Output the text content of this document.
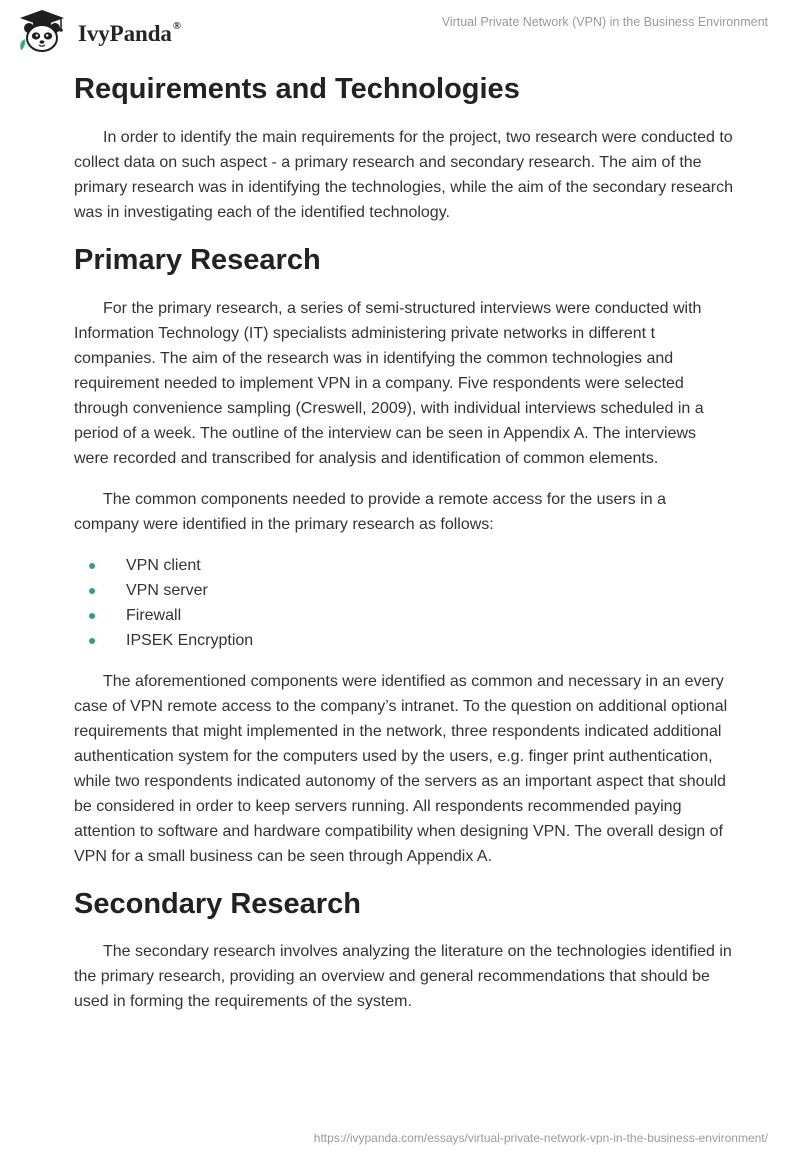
IvyPanda®	Virtual Private Network (VPN) in the Business Environment
Requirements and Technologies

In order to identify the main requirements for the project, two research were conducted to collect data on such aspect - a primary research and secondary research. The aim of the primary research was in identifying the technologies, while the aim of the secondary research was in investigating each of the identified technology.

Primary Research

For the primary research, a series of semi-structured interviews were conducted with Information Technology (IT) specialists administering private networks in different t companies. The aim of the research was in identifying the common technologies and requirement needed to implement VPN in a company. Five respondents were selected through convenience sampling (Creswell, 2009), with individual interviews scheduled in a period of a week. The outline of the interview can be seen in Appendix A. The interviews were recorded and transcribed for analysis and identification of common elements.

The common components needed to provide a remote access for the users in a company were identified in the primary research as follows:

VPN client
VPN server
Firewall
IPSEK Encryption

The aforementioned components were identified as common and necessary in an every case of VPN remote access to the company’s intranet. To the question on additional optional requirements that might implemented in the network, three respondents indicated additional authentication system for the computers used by the users, e.g. finger print authentication, while two respondents indicated autonomy of the servers as an important aspect that should be considered in order to keep servers running. All respondents recommended paying attention to software and hardware compatibility when designing VPN. The overall design of VPN for a small business can be seen through Appendix A.

Secondary Research

The secondary research involves analyzing the literature on the technologies identified in the primary research, providing an overview and general recommendations that should be used in forming the requirements of the system.

https://ivypanda.com/essays/virtual-private-network-vpn-in-the-business-environment/
